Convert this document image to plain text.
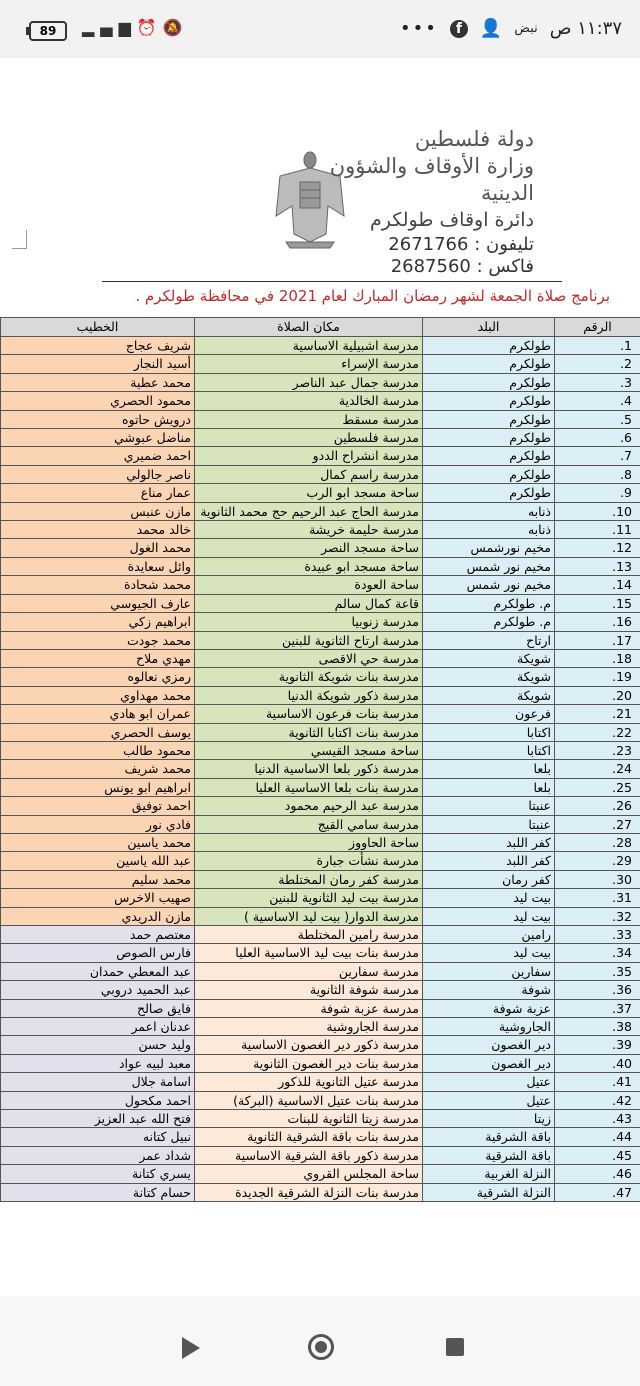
89	▂▄▆⏰🔕	١١:٣٧ ص
نبض
👤
f
•••
دولة فلسطين
وزارة الأوقاف والشؤون
الدينية
دائرة اوقاف طولكرم
تليفون : 2671766
فاكس : 2687560
برنامج صلاة الجمعة لشهر رمضان المبارك لعام 2021 في محافظة طولكرم .
الرقم	البلد	مكان الصلاة	الخطيب
1.	طولكرم	مدرسة اشبيلية الاساسية	شريف عجاج
2.	طولكرم	مدرسة الإسراء	أسيد النجار
3.	طولكرم	مدرسة جمال عبد الناصر	محمد عطية
4.	طولكرم	مدرسة الخالدية	محمود الحصري
5.	طولكرم	مدرسة مسقط	درويش حاتوه
6.	طولكرم	مدرسة فلسطين	مناضل عبوشي
7.	طولكرم	مدرسة انشراح الددو	احمد ضميري
8.	طولكرم	مدرسة راسم كمال	ناصر جالولي
9.	طولكرم	ساحة مسجد ابو الرب	عمار مناع
10.	ذنابه	مدرسة الحاج عبد الرحيم حج محمد الثانوية	مازن عنبس
11.	ذنابه	مدرسة حليمة خريشة	خالد محمد
12.	مخيم نورشمس	ساحة مسجد النصر	محمد الغول
13.	مخيم نور شمس	ساحة مسجد ابو عبيدة	وائل سعايدة
14.	مخيم نور شمس	ساحة العودة	محمد شحادة
15.	م. طولكرم	قاعة كمال سالم	عارف الجيوسي
16.	م. طولكرم	مدرسة زنوبيا	ابراهيم زكي
17.	ارتاح	مدرسة ارتاح الثانوية للبنين	محمد جودت
18.	شويكة	مدرسة حي الاقصى	مهدي ملاح
19.	شويكة	مدرسة بنات شويكة الثانوية	رمزي نعالوه
20.	شويكة	مدرسة ذكور شويكة الدنيا	محمد مهداوي
21.	فرعون	مدرسة بنات فرعون الاساسية	عمران ابو هادي
22.	اكتابا	مدرسة بنات اكتابا الثانوية	يوسف الحصري
23.	اكتابا	ساحة مسجد القيسي	محمود طالب
24.	بلعا	مدرسة ذكور بلعا الاساسية الدنيا	محمد شريف
25.	بلعا	مدرسة بنات بلعا الاساسية العليا	ابراهيم ابو يونس
26.	عنبتا	مدرسة عبد الرحيم محمود	احمد توفيق
27.	عنبتا	مدرسة سامي القيج	فادي نور
28.	كفر اللبد	ساحة الحاووز	محمد ياسين
29.	كفر اللبد	مدرسة نشأت جبارة	عبد الله ياسين
30.	كفر رمان	مدرسة كفر رمان المختلطة	محمد سليم
31.	بيت ليد	مدرسة بيت ليد الثانوية للبنين	صهيب الاخرس
32.	بيت ليد	مدرسة الدوار( بيت ليد الاساسية )	مازن الدريدي
33.	رامين	مدرسة رامين المختلطة	معتصم حمد
34.	بيت ليد	مدرسة بنات بيت ليد الاساسية العليا	فارس الصوص
35.	سفارين	مدرسة سفارين	عبد المعطي حمدان
36.	شوفة	مدرسة شوفة الثانوية	عبد الحميد دروبي
37.	عزبة شوفة	مدرسة عزبة شوفة	فايق صالح
38.	الجاروشية	مدرسة الجاروشية	عدنان اعمر
39.	دير الغصون	مدرسة ذكور دير الغصون الاساسية	وليد حسن
40.	دير الغصون	مدرسة بنات دير الغصون الثانوية	معبد لبيه عواد
41.	عتيل	مدرسة عتيل الثانوية للذكور	اسامة جلال
42.	عتيل	مدرسة بنات عتيل الاساسية (البركة)	احمد مكحول
43.	زيتا	مدرسة زيتا الثانوية للبنات	فتح الله عبد العزيز
44.	باقة الشرقية	مدرسة بنات باقة الشرقية الثانوية	نبيل كتانه
45.	باقة الشرقية	مدرسة ذكور باقة الشرقية الاساسية	شداد عمر
46.	النزلة الغربية	ساحة المجلس القروي	يسري كتانة
47.	النزلة الشرقية	مدرسة بنات النزلة الشرقية الجديدة	حسام كتانة
